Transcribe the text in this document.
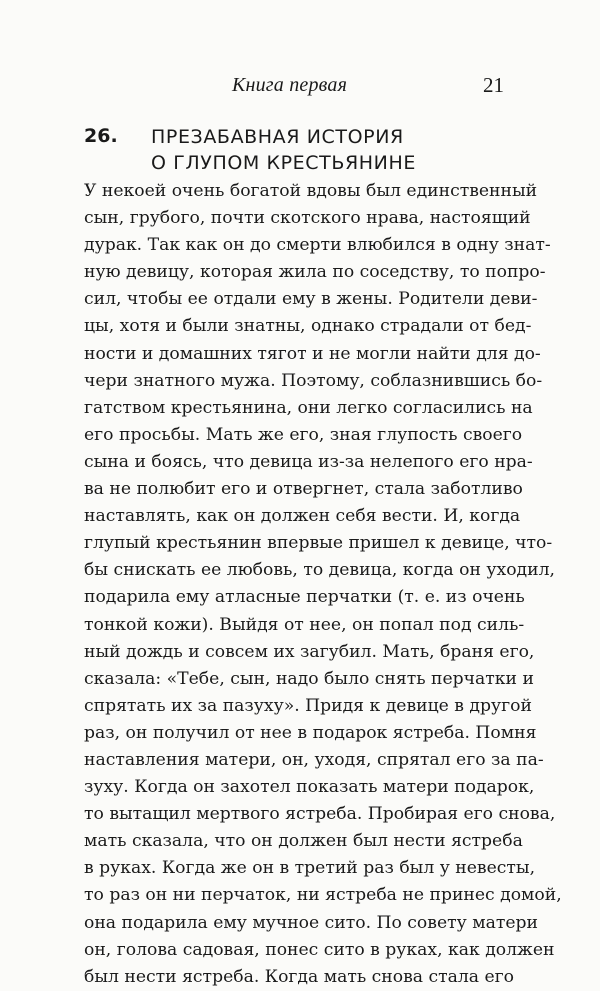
Книга первая	21
26. ПРЕЗАБАВНАЯ ИСТОРИЯ
О ГЛУПОМ КРЕСТЬЯНИНЕ
У некоей очень богатой вдовы был единственный
сын, грубого, почти скотского нрава, настоящий
дурак. Так как он до смерти влюбился в одну знат-
ную девицу, которая жила по соседству, то попро-
сил, чтобы ее отдали ему в жены. Родители деви-
цы, хотя и были знатны, однако страдали от бед-
ности и домашних тягот и не могли найти для до-
чери знатного мужа. Поэтому, соблазнившись бо-
гатством крестьянина, они легко согласились на
его просьбы. Мать же его, зная глупость своего
сына и боясь, что девица из-за нелепого его нра-
ва не полюбит его и отвергнет, стала заботливо
наставлять, как он должен себя вести. И, когда
глупый крестьянин впервые пришел к девице, что-
бы снискать ее любовь, то девица, когда он уходил,
подарила ему атласные перчатки (т. е. из очень
тонкой кожи). Выйдя от нее, он попал под силь-
ный дождь и совсем их загубил. Мать, браня его,
сказала: «Тебе, сын, надо было снять перчатки и
спрятать их за пазуху». Придя к девице в другой
раз, он получил от нее в подарок ястреба. Помня
наставления матери, он, уходя, спрятал его за па-
зуху. Когда он захотел показать матери подарок,
то вытащил мертвого ястреба. Пробирая его снова,
мать сказала, что он должен был нести ястреба
в руках. Когда же он в третий раз был у невесты,
то раз он ни перчаток, ни ястреба не принес домой,
она подарила ему мучное сито. По совету матери
он, голова садовая, понес сито в руках, как должен
был нести ястреба. Когда мать снова стала его
